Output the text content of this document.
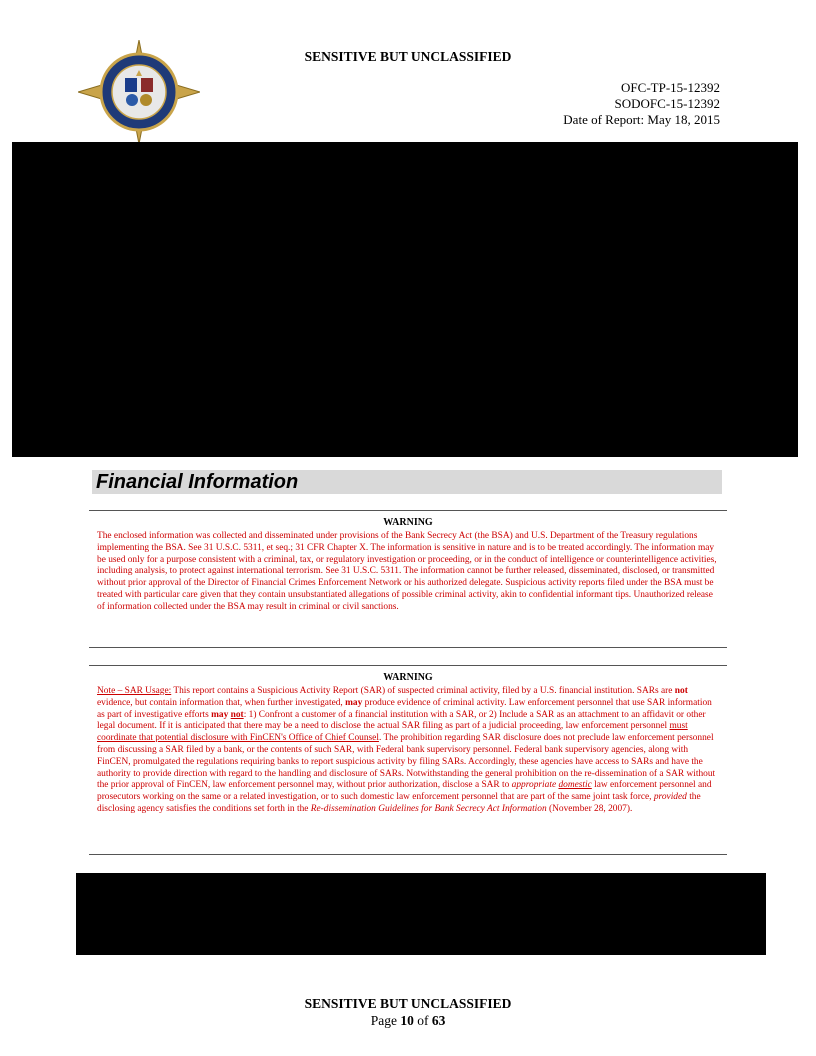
SENSITIVE BUT UNCLASSIFIED
OFC-TP-15-12392
SODOFC-15-12392
Date of Report: May 18, 2015
Financial Information
WARNING
The enclosed information was collected and disseminated under provisions of the Bank Secrecy Act (the BSA) and U.S. Department of the Treasury regulations implementing the BSA. See 31 U.S.C. 5311, et seq.; 31 CFR Chapter X. The information is sensitive in nature and is to be treated accordingly. The information may be used only for a purpose consistent with a criminal, tax, or regulatory investigation or proceeding, or in the conduct of intelligence or counterintelligence activities, including analysis, to protect against international terrorism. See 31 U.S.C. 5311. The information cannot be further released, disseminated, disclosed, or transmitted without prior approval of the Director of Financial Crimes Enforcement Network or his authorized delegate. Suspicious activity reports filed under the BSA must be treated with particular care given that they contain unsubstantiated allegations of possible criminal activity, akin to confidential informant tips. Unauthorized release of information collected under the BSA may result in criminal or civil sanctions.
WARNING
Note – SAR Usage: This report contains a Suspicious Activity Report (SAR) of suspected criminal activity, filed by a U.S. financial institution. SARs are not evidence, but contain information that, when further investigated, may produce evidence of criminal activity. Law enforcement personnel that use SAR information as part of investigative efforts may not: 1) Confront a customer of a financial institution with a SAR, or 2) Include a SAR as an attachment to an affidavit or other legal document. If it is anticipated that there may be a need to disclose the actual SAR filing as part of a judicial proceeding, law enforcement personnel must coordinate that potential disclosure with FinCEN's Office of Chief Counsel. The prohibition regarding SAR disclosure does not preclude law enforcement personnel from discussing a SAR filed by a bank, or the contents of such SAR, with Federal bank supervisory personnel. Federal bank supervisory agencies, along with FinCEN, promulgated the regulations requiring banks to report suspicious activity by filing SARs. Accordingly, these agencies have access to SARs and have the authority to provide direction with regard to the handling and disclosure of SARs. Notwithstanding the general prohibition on the re-dissemination of a SAR without the prior approval of FinCEN, law enforcement personnel may, without prior authorization, disclose a SAR to appropriate domestic law enforcement personnel and prosecutors working on the same or a related investigation, or to such domestic law enforcement personnel that are part of the same joint task force, provided the disclosing agency satisfies the conditions set forth in the Re-dissemination Guidelines for Bank Secrecy Act Information (November 28, 2007).
SENSITIVE BUT UNCLASSIFIED
Page 10 of 63
